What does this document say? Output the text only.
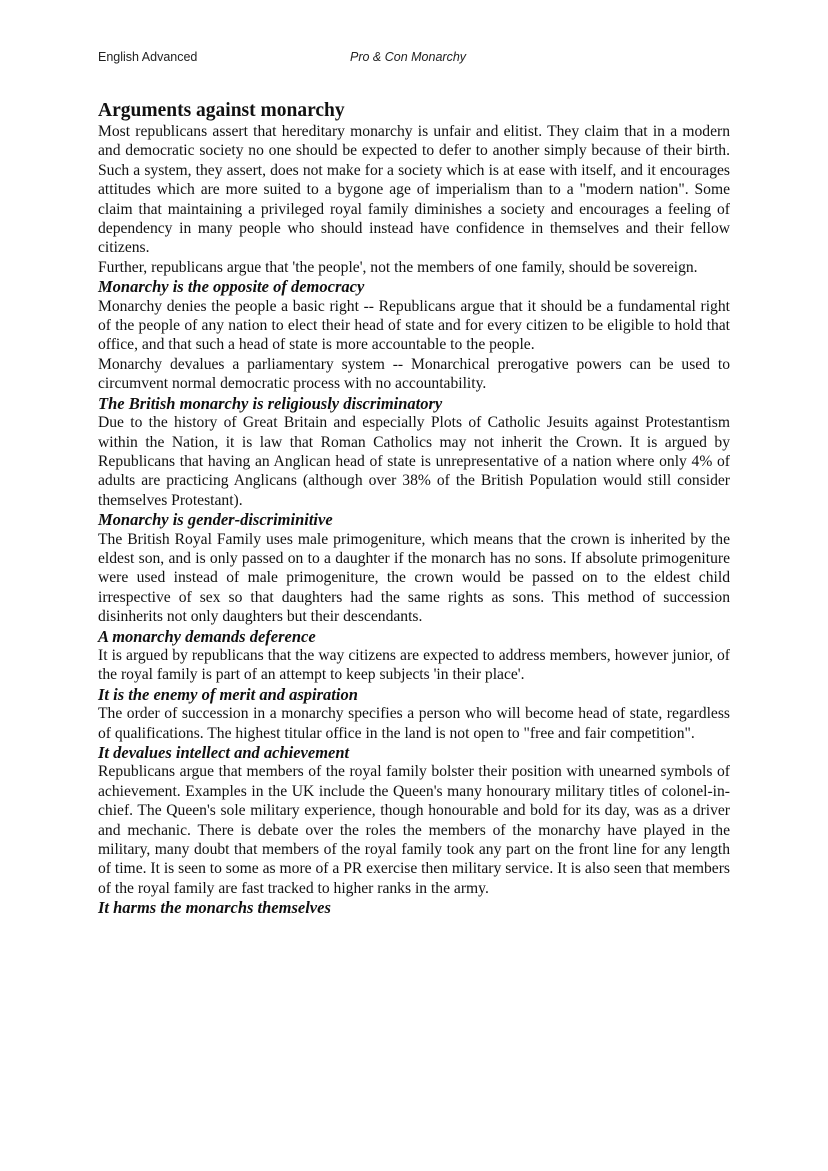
English Advanced	Pro & Con Monarchy
Arguments against monarchy

Most republicans assert that hereditary monarchy is unfair and elitist. They claim that in a modern and democratic society no one should be expected to defer to another simply because of their birth. Such a system, they assert, does not make for a society which is at ease with itself, and it encourages attitudes which are more suited to a bygone age of imperialism than to a "modern nation". Some claim that maintaining a privileged royal family diminishes a society and encourages a feeling of dependency in many people who should instead have confidence in themselves and their fellow citizens.

Further, republicans argue that 'the people', not the members of one family, should be sovereign.

Monarchy is the opposite of democracy

Monarchy denies the people a basic right -- Republicans argue that it should be a fundamental right of the people of any nation to elect their head of state and for every citizen to be eligible to hold that office, and that such a head of state is more accountable to the people.

Monarchy devalues a parliamentary system -- Monarchical prerogative powers can be used to circumvent normal democratic process with no accountability.

The British monarchy is religiously discriminatory

Due to the history of Great Britain and especially Plots of Catholic Jesuits against Protestantism within the Nation, it is law that Roman Catholics may not inherit the Crown. It is argued by Republicans that having an Anglican head of state is unrepresentative of a nation where only 4% of adults are practicing Anglicans (although over 38% of the British Population would still consider themselves Protestant).

Monarchy is gender-discriminitive

The British Royal Family uses male primogeniture, which means that the crown is inherited by the eldest son, and is only passed on to a daughter if the monarch has no sons. If absolute primogeniture were used instead of male primogeniture, the crown would be passed on to the eldest child irrespective of sex so that daughters had the same rights as sons. This method of succession disinherits not only daughters but their descendants.

A monarchy demands deference

It is argued by republicans that the way citizens are expected to address members, however junior, of the royal family is part of an attempt to keep subjects 'in their place'.

It is the enemy of merit and aspiration

The order of succession in a monarchy specifies a person who will become head of state, regardless of qualifications. The highest titular office in the land is not open to "free and fair competition".

It devalues intellect and achievement

Republicans argue that members of the royal family bolster their position with unearned symbols of achievement. Examples in the UK include the Queen's many honourary military titles of colonel-in-chief. The Queen's sole military experience, though honourable and bold for its day, was as a driver and mechanic. There is debate over the roles the members of the monarchy have played in the military, many doubt that members of the royal family took any part on the front line for any length of time. It is seen to some as more of a PR exercise then military service. It is also seen that members of the royal family are fast tracked to higher ranks in the army.

It harms the monarchs themselves
